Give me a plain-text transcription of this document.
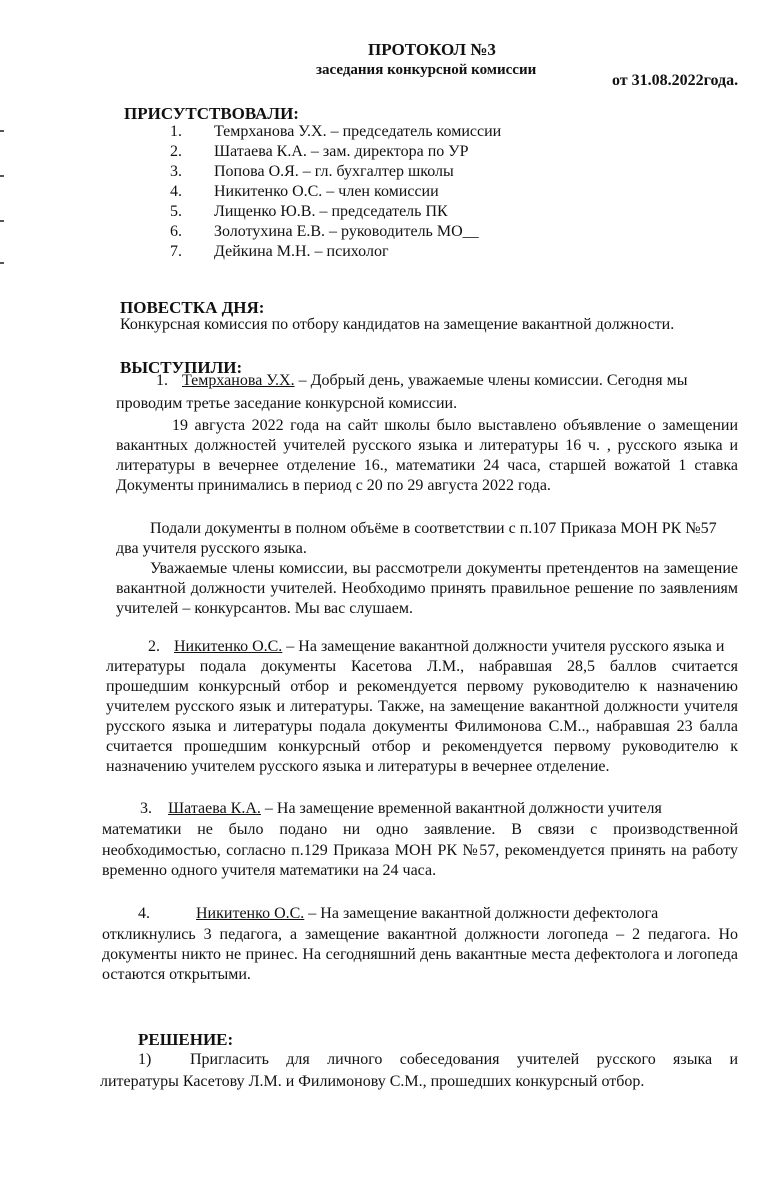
ПРОТОКОЛ №3
заседания конкурсной комиссии
от 31.08.2022года.
ПРИСУТСТВОВАЛИ:
1. Темрханова У.Х. – председатель комиссии
2. Шатаева К.А. – зам. директора по УР
3. Попова О.Я. – гл. бухгалтер школы
4. Никитенко О.С. – член комиссии
5. Лищенко Ю.В. – председатель ПК
6. Золотухина Е.В. – руководитель МО__
7. Дейкина М.Н. – психолог
ПОВЕСТКА ДНЯ:
Конкурсная комиссия по отбору кандидатов на замещение вакантной должности.
ВЫСТУПИЛИ:
1. Темрханова У.Х. – Добрый день, уважаемые члены комиссии. Сегодня мы
проводим третье заседание конкурсной комиссии.
19 августа 2022 года на сайт школы было выставлено объявление о замещении
вакантных должностей учителей русского языка и литературы 16 ч. , русского языка и
литературы в вечернее отделение 16., математики 24 часа, старшей вожатой 1 ставка
Документы принимались в период с 20 по 29 августа 2022 года.
Подали документы в полном объёме в соответствии с п.107 Приказа МОН РК №57
два учителя русского языка.
Уважаемые члены комиссии, вы рассмотрели документы претендентов на замещение
вакантной должности учителей. Необходимо принять правильное решение по заявлениям
учителей – конкурсантов. Мы вас слушаем.
2. Никитенко О.С. – На замещение вакантной должности учителя русского языка и
литературы подала документы Касетова Л.М., набравшая 28,5 баллов считается
прошедшим конкурсный отбор и рекомендуется первому руководителю к назначению
учителем русского язык и литературы. Также, на замещение вакантной должности учителя
русского языка и литературы подала документы Филимонова С.М.., набравшая 23 балла
считается прошедшим конкурсный отбор и рекомендуется первому руководителю к
назначению учителем русского языка и литературы в вечернее отделение.
3. Шатаева К.А. – На замещение временной вакантной должности учителя
математики не было подано ни одно заявление. В связи с производственной
необходимостью, согласно п.129 Приказа МОН РК №57, рекомендуется принять на работу
временно одного учителя математики на 24 часа.
4.	Никитенко О.С. – На замещение вакантной должности дефектолога
откликнулись 3 педагога, а замещение вакантной должности логопеда – 2 педагога. Но
документы никто не принес. На сегодняшний день вакантные места дефектолога и логопеда
остаются открытыми.
РЕШЕНИЕ:
1) Пригласить для личного собеседования учителей русского языка и
литературы Касетову Л.М. и Филимонову С.М., прошедших конкурсный отбор.
